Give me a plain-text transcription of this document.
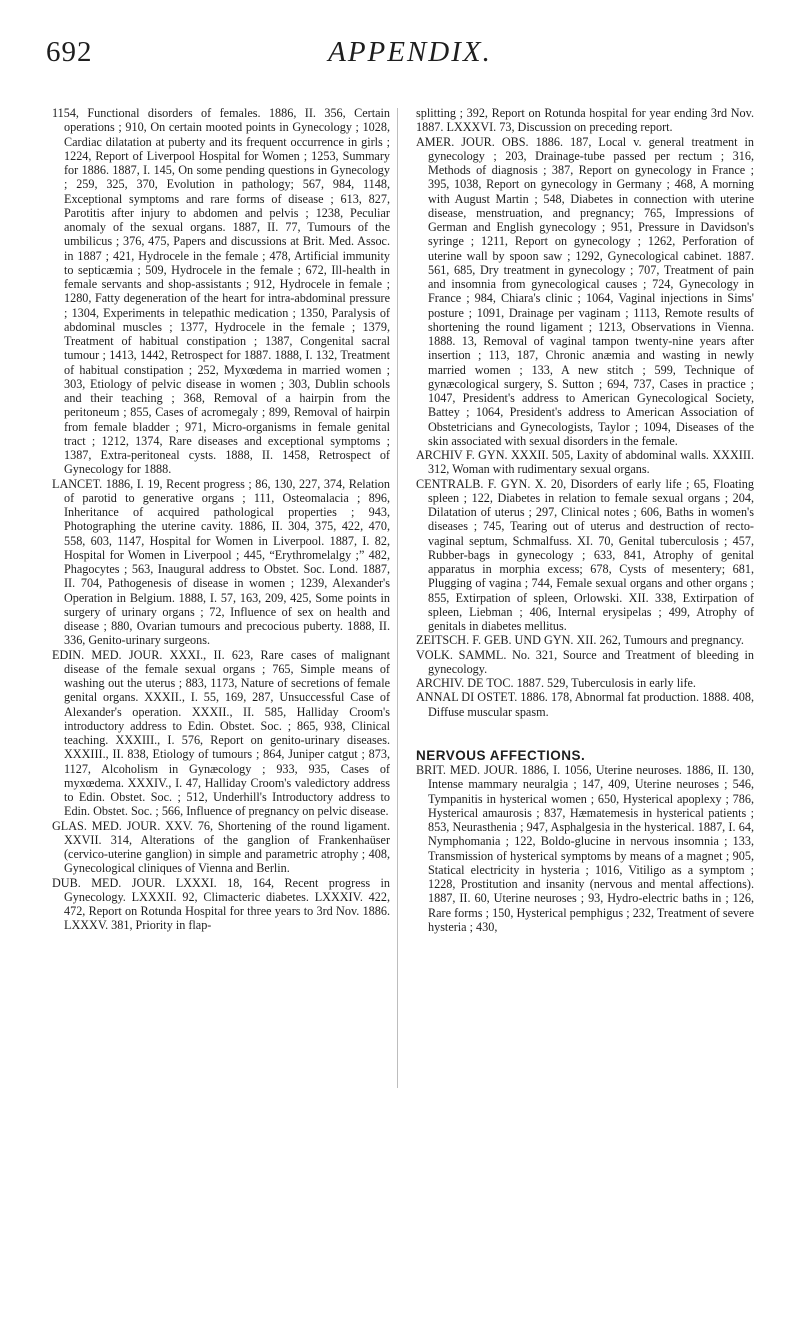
692	APPENDIX.

1154, Functional disorders of females. 1886, II. 356, Certain operations ; 910, On certain mooted points in Gynecology ; 1028, Cardiac dilatation at puberty and its frequent occurrence in girls ; 1224, Report of Liverpool Hospital for Women ; 1253, Summary for 1886. 1887, I. 145, On some pending questions in Gynecology ; 259, 325, 370, Evolution in pathology; 567, 984, 1148, Exceptional symptoms and rare forms of disease ; 613, 827, Parotitis after injury to abdomen and pelvis ; 1238, Peculiar anomaly of the sexual organs. 1887, II. 77, Tumours of the umbilicus ; 376, 475, Papers and discussions at Brit. Med. Assoc. in 1887 ; 421, Hydrocele in the female ; 478, Artificial immunity to septicæmia ; 509, Hydrocele in the female ; 672, Ill-health in female servants and shop-assistants ; 912, Hydrocele in female ; 1280, Fatty degeneration of the heart for intra-abdominal pressure ; 1304, Experiments in telepathic medication ; 1350, Paralysis of abdominal muscles ; 1377, Hydrocele in the female ; 1379, Treatment of habitual constipation ; 1387, Congenital sacral tumour ; 1413, 1442, Retrospect for 1887. 1888, I. 132, Treatment of habitual constipation ; 252, Myxœdema in married women ; 303, Etiology of pelvic disease in women ; 303, Dublin schools and their teaching ; 368, Removal of a hairpin from the peritoneum ; 855, Cases of acromegaly ; 899, Removal of hairpin from female bladder ; 971, Micro-organisms in female genital tract ; 1212, 1374, Rare diseases and exceptional symptoms ; 1387, Extra-peritoneal cysts. 1888, II. 1458, Retrospect of Gynecology for 1888.

LANCET. 1886, I. 19, Recent progress ; 86, 130, 227, 374, Relation of parotid to generative organs ; 111, Osteomalacia ; 896, Inheritance of acquired pathological properties ; 943, Photographing the uterine cavity. 1886, II. 304, 375, 422, 470, 558, 603, 1147, Hospital for Women in Liverpool. 1887, I. 82, Hospital for Women in Liverpool ; 445, “Erythromelalgy ;” 482, Phagocytes ; 563, Inaugural address to Obstet. Soc. Lond. 1887, II. 704, Pathogenesis of disease in women ; 1239, Alexander's Operation in Belgium. 1888, I. 57, 163, 209, 425, Some points in surgery of urinary organs ; 72, Influence of sex on health and disease ; 880, Ovarian tumours and precocious puberty. 1888, II. 336, Genito-urinary surgeons.

EDIN. MED. JOUR. XXXI., II. 623, Rare cases of malignant disease of the female sexual organs ; 765, Simple means of washing out the uterus ; 883, 1173, Nature of secretions of female genital organs. XXXII., I. 55, 169, 287, Unsuccessful Case of Alexander's operation. XXXII., II. 585, Halliday Croom's introductory address to Edin. Obstet. Soc. ; 865, 938, Clinical teaching. XXXIII., I. 576, Report on genito-urinary diseases. XXXIII., II. 838, Etiology of tumours ; 864, Juniper catgut ; 873, 1127, Alcoholism in Gynæcology ; 933, 935, Cases of myxœdema. XXXIV., I. 47, Halliday Croom's valedictory address to Edin. Obstet. Soc. ; 512, Underhill's Introductory address to Edin. Obstet. Soc. ; 566, Influence of pregnancy on pelvic disease.

GLAS. MED. JOUR. XXV. 76, Shortening of the round ligament. XXVII. 314, Alterations of the ganglion of Frankenhaüser (cervico-uterine ganglion) in simple and parametric atrophy ; 408, Gynecological cliniques of Vienna and Berlin.

DUB. MED. JOUR. LXXXI. 18, 164, Recent progress in Gynecology. LXXXII. 92, Climacteric diabetes. LXXXIV. 422, 472, Report on Rotunda Hospital for three years to 3rd Nov. 1886. LXXXV. 381, Priority in flap-

splitting ; 392, Report on Rotunda hospital for year ending 3rd Nov. 1887. LXXXVI. 73, Discussion on preceding report.

AMER. JOUR. OBS. 1886. 187, Local v. general treatment in gynecology ; 203, Drainage-tube passed per rectum ; 316, Methods of diagnosis ; 387, Report on gynecology in France ; 395, 1038, Report on gynecology in Germany ; 468, A morning with August Martin ; 548, Diabetes in connection with uterine disease, menstruation, and pregnancy; 765, Impressions of German and English gynecology ; 951, Pressure in Davidson's syringe ; 1211, Report on gynecology ; 1262, Perforation of uterine wall by spoon saw ; 1292, Gynecological cabinet. 1887. 561, 685, Dry treatment in gynecology ; 707, Treatment of pain and insomnia from gynecological causes ; 724, Gynecology in France ; 984, Chiara's clinic ; 1064, Vaginal injections in Sims' posture ; 1091, Drainage per vaginam ; 1113, Remote results of shortening the round ligament ; 1213, Observations in Vienna. 1888. 13, Removal of vaginal tampon twenty-nine years after insertion ; 113, 187, Chronic anæmia and wasting in newly married women ; 133, A new stitch ; 599, Technique of gynæcological surgery, S. Sutton ; 694, 737, Cases in practice ; 1047, President's address to American Gynecological Society, Battey ; 1064, President's address to American Association of Obstetricians and Gynecologists, Taylor ; 1094, Diseases of the skin associated with sexual disorders in the female.

ARCHIV F. GYN. XXXII. 505, Laxity of abdominal walls. XXXIII. 312, Woman with rudimentary sexual organs.

CENTRALB. F. GYN. X. 20, Disorders of early life ; 65, Floating spleen ; 122, Diabetes in relation to female sexual organs ; 204, Dilatation of uterus ; 297, Clinical notes ; 606, Baths in women's diseases ; 745, Tearing out of uterus and destruction of recto-vaginal septum, Schmalfuss. XI. 70, Genital tuberculosis ; 457, Rubber-bags in gynecology ; 633, 841, Atrophy of genital apparatus in morphia excess; 678, Cysts of mesentery; 681, Plugging of vagina ; 744, Female sexual organs and other organs ; 855, Extirpation of spleen, Orlowski. XII. 338, Extirpation of spleen, Liebman ; 406, Internal erysipelas ; 499, Atrophy of genitals in diabetes mellitus.

ZEITSCH. F. GEB. UND GYN. XII. 262, Tumours and pregnancy.

VOLK. SAMML. No. 321, Source and Treatment of bleeding in gynecology.

ARCHIV. DE TOC. 1887. 529, Tuberculosis in early life.

ANNAL DI OSTET. 1886. 178, Abnormal fat production. 1888. 408, Diffuse muscular spasm.

NERVOUS AFFECTIONS.

BRIT. MED. JOUR. 1886, I. 1056, Uterine neuroses. 1886, II. 130, Intense mammary neuralgia ; 147, 409, Uterine neuroses ; 546, Tympanitis in hysterical women ; 650, Hysterical apoplexy ; 786, Hysterical amaurosis ; 837, Hæmatemesis in hysterical patients ; 853, Neurasthenia ; 947, Asphalgesia in the hysterical. 1887, I. 64, Nymphomania ; 122, Boldo-glucine in nervous insomnia ; 133, Transmission of hysterical symptoms by means of a magnet ; 905, Statical electricity in hysteria ; 1016, Vitiligo as a symptom ; 1228, Prostitution and insanity (nervous and mental affections). 1887, II. 60, Uterine neuroses ; 93, Hydro-electric baths in ; 126, Rare forms ; 150, Hysterical pemphigus ; 232, Treatment of severe hysteria ; 430,
